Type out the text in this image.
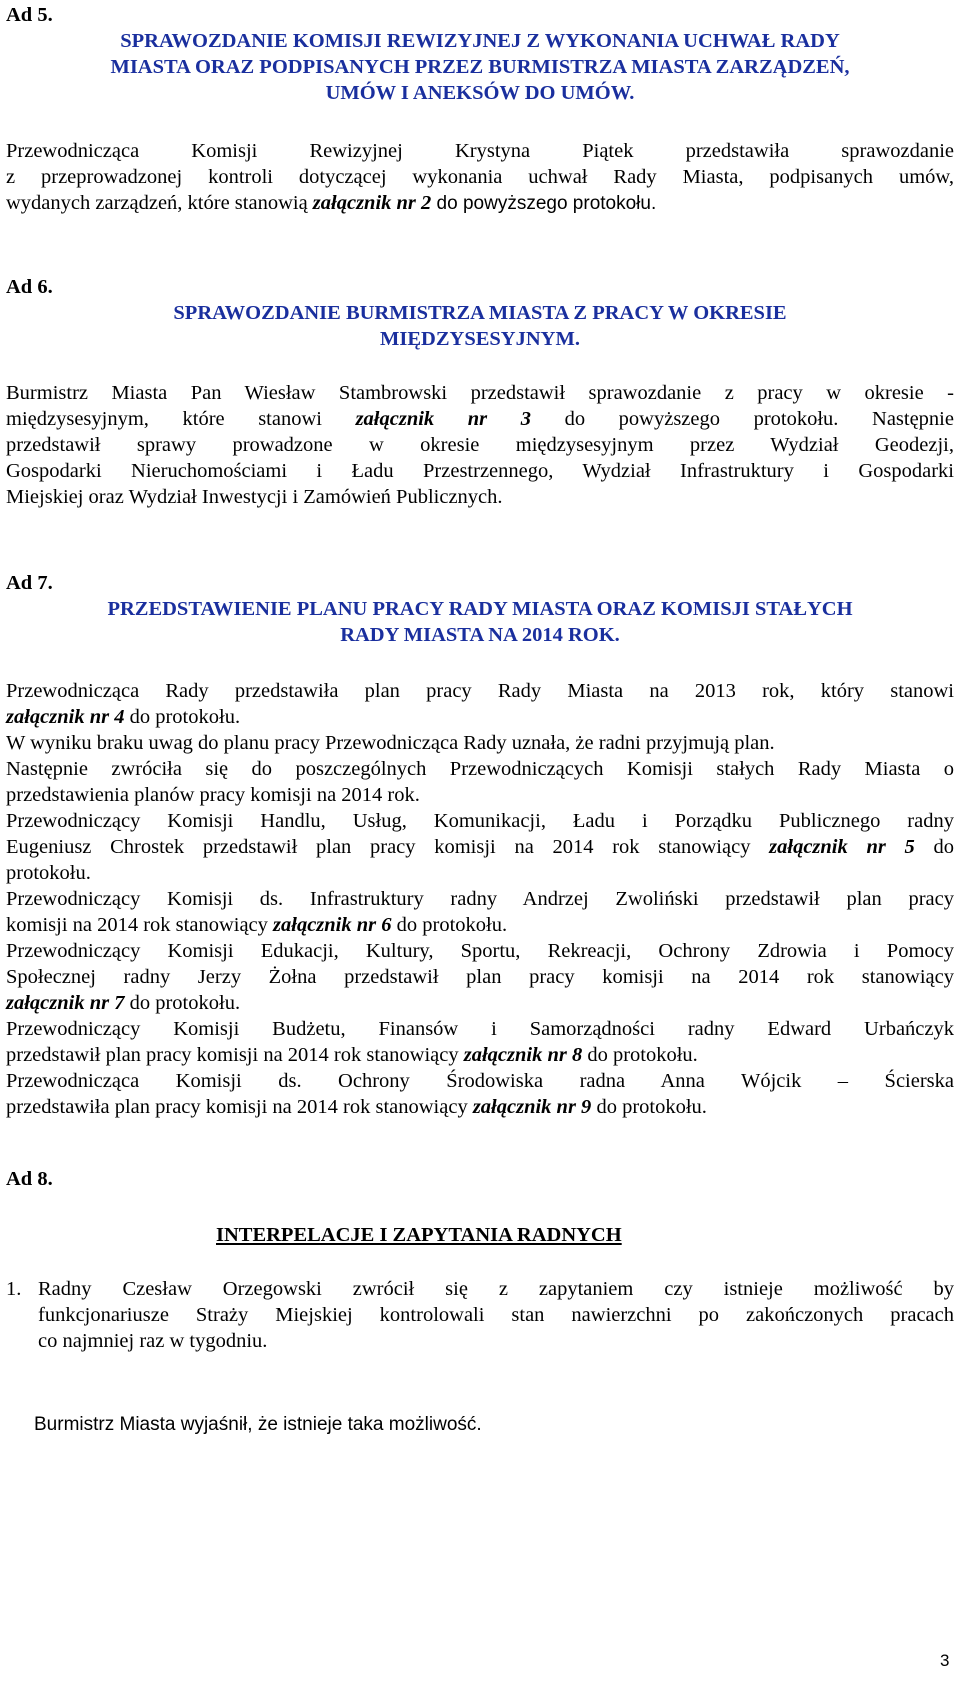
Ad 5.
SPRAWOZDANIE KOMISJI REWIZYJNEJ Z WYKONANIA UCHWAŁ RADY
MIASTA ORAZ PODPISANYCH PRZEZ BURMISTRZA MIASTA ZARZĄDZEŃ,
UMÓW I ANEKSÓW DO UMÓW.
Przewodnicząca Komisji Rewizyjnej Krystyna Piątek przedstawiła sprawozdanie
z przeprowadzonej kontroli dotyczącej wykonania uchwał Rady Miasta, podpisanych umów,
wydanych zarządzeń, które stanowią załącznik nr 2 do powyższego protokołu.
Ad 6.
SPRAWOZDANIE BURMISTRZA MIASTA Z PRACY W OKRESIE
MIĘDZYSESYJNYM.
Burmistrz Miasta Pan Wiesław Stambrowski przedstawił sprawozdanie z pracy w okresie -
międzysesyjnym, które stanowi załącznik nr 3 do powyższego protokołu. Następnie
przedstawił sprawy prowadzone w okresie międzysesyjnym przez Wydział Geodezji,
Gospodarki Nieruchomościami i Ładu Przestrzennego, Wydział Infrastruktury i Gospodarki
Miejskiej oraz Wydział Inwestycji i Zamówień Publicznych.
Ad 7.
PRZEDSTAWIENIE PLANU PRACY RADY MIASTA ORAZ KOMISJI STAŁYCH
RADY MIASTA NA 2014 ROK.
Przewodnicząca Rady przedstawiła plan pracy Rady Miasta na 2013 rok, który stanowi
załącznik nr 4 do protokołu.
W wyniku braku uwag do planu pracy Przewodnicząca Rady uznała, że radni przyjmują plan.
Następnie zwróciła się do poszczególnych Przewodniczących Komisji stałych Rady Miasta o
przedstawienia planów pracy komisji na 2014 rok.
Przewodniczący Komisji Handlu, Usług, Komunikacji, Ładu i Porządku Publicznego radny
Eugeniusz Chrostek przedstawił plan pracy komisji na 2014 rok stanowiący załącznik nr 5 do
protokołu.
Przewodniczący Komisji ds. Infrastruktury radny Andrzej Zwoliński przedstawił plan pracy
komisji na 2014 rok stanowiący załącznik nr 6 do protokołu.
Przewodniczący Komisji Edukacji, Kultury, Sportu, Rekreacji, Ochrony Zdrowia i Pomocy
Społecznej radny Jerzy Żołna przedstawił plan pracy komisji na 2014 rok stanowiący
załącznik nr 7 do protokołu.
Przewodniczący Komisji Budżetu, Finansów i Samorządności radny Edward Urbańczyk
przedstawił plan pracy komisji na 2014 rok stanowiący załącznik nr 8 do protokołu.
Przewodnicząca Komisji ds. Ochrony Środowiska radna Anna Wójcik – Ścierska
przedstawiła plan pracy komisji na 2014 rok stanowiący załącznik nr 9 do protokołu.
Ad 8.
INTERPELACJE I ZAPYTANIA RADNYCH
1. Radny Czesław Orzegowski zwrócił się z zapytaniem czy istnieje możliwość by
funkcjonariusze Straży Miejskiej kontrolowali stan nawierzchni po zakończonych pracach
co najmniej raz w tygodniu.
Burmistrz Miasta wyjaśnił, że istnieje taka możliwość.
3
